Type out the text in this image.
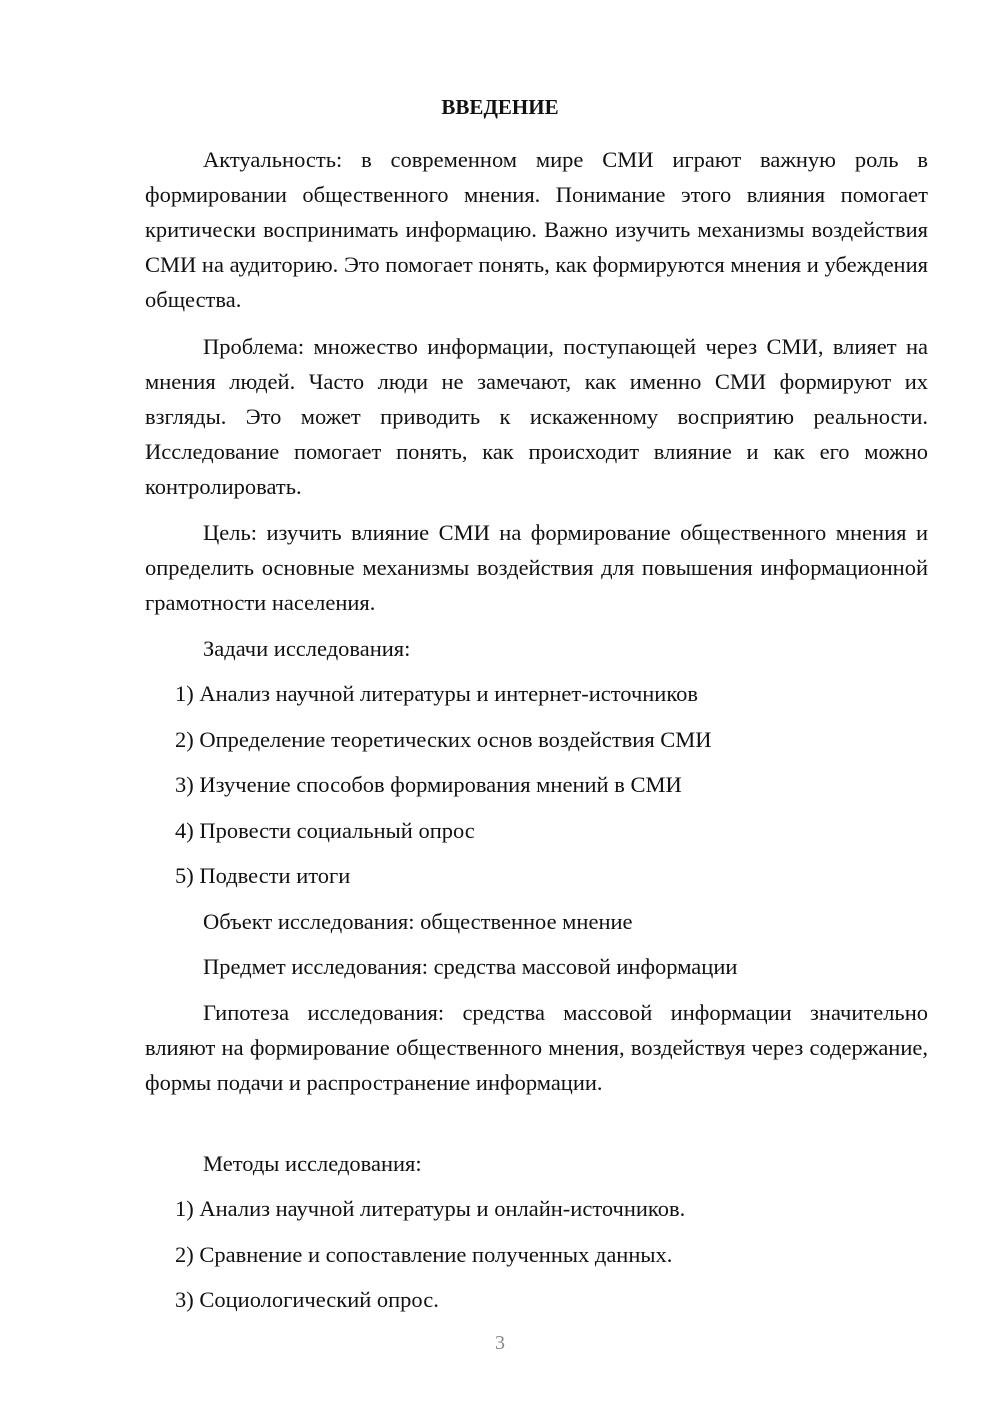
ВВЕДЕНИЕ

Актуальность: в современном мире СМИ играют важную роль в формировании общественного мнения. Понимание этого влияния помогает критически воспринимать информацию. Важно изучить механизмы воздействия СМИ на аудиторию. Это помогает понять, как формируются мнения и убеждения общества.

Проблема: множество информации, поступающей через СМИ, влияет на мнения людей. Часто люди не замечают, как именно СМИ формируют их взгляды. Это может приводить к искаженному восприятию реальности. Исследование помогает понять, как происходит влияние и как его можно контролировать.

Цель: изучить влияние СМИ на формирование общественного мнения и определить основные механизмы воздействия для повышения информационной грамотности населения.

Задачи исследования:

1) Анализ научной литературы и интернет-источников

2) Определение теоретических основ воздействия СМИ

3) Изучение способов формирования мнений в СМИ

4) Провести социальный опрос

5) Подвести итоги

Объект исследования: общественное мнение

Предмет исследования: средства массовой информации

Гипотеза исследования: средства массовой информации значительно влияют на формирование общественного мнения, воздействуя через содержание, формы подачи и распространение информации.

Методы исследования:

1) Анализ научной литературы и онлайн-источников.

2) Сравнение и сопоставление полученных данных.

3) Социологический опрос.

3
